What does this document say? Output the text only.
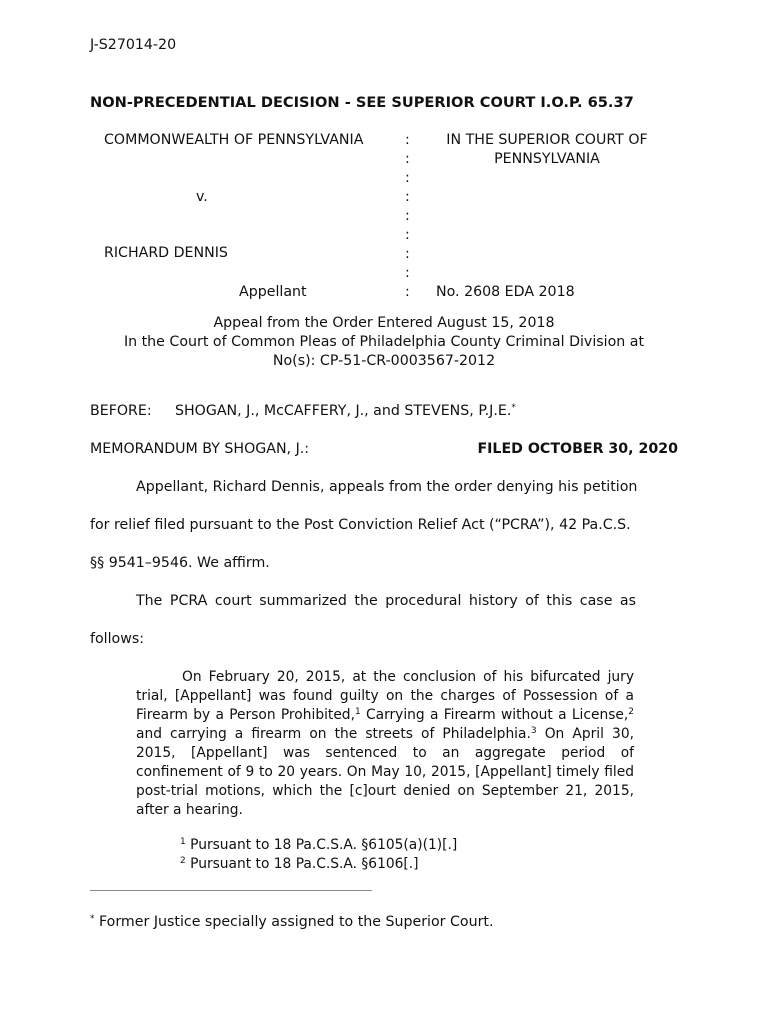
J-S27014-20
NON-PRECEDENTIAL DECISION - SEE SUPERIOR COURT I.O.P. 65.37
COMMONWEALTH OF PENNSYLVANIA
v.
RICHARD DENNIS
Appellant
:
:
:
:
:
:
:
:
:
IN THE SUPERIOR COURT OF
PENNSYLVANIA
No. 2608 EDA 2018
Appeal from the Order Entered August 15, 2018
In the Court of Common Pleas of Philadelphia County Criminal Division at
No(s): CP-51-CR-0003567-2012
BEFORE: SHOGAN, J., McCAFFERY, J., and STEVENS, P.J.E.*
MEMORANDUM BY SHOGAN, J.:	FILED OCTOBER 30, 2020
Appellant, Richard Dennis, appeals from the order denying his petition
for relief filed pursuant to the Post Conviction Relief Act (“PCRA”), 42 Pa.C.S.
§§ 9541–9546. We affirm.
The PCRA court summarized the procedural history of this case as
follows:

On February 20, 2015, at the conclusion of his bifurcated jury trial, [Appellant] was found guilty on the charges of Possession of a Firearm by a Person Prohibited,$^1$ Carrying a Firearm without a License,$^2$ and carrying a firearm on the streets of Philadelphia.$^3$ On April 30, 2015, [Appellant] was sentenced to an aggregate period of confinement of 9 to 20 years. On May 10, 2015, [Appellant] timely filed post-trial motions, which the [c]ourt denied on September 21, 2015, after a hearing.

$^1$ Pursuant to 18 Pa.C.S.A. §6105(a)(1)[.]
$^2$ Pursuant to 18 Pa.C.S.A. §6106[.]
* Former Justice specially assigned to the Superior Court.
